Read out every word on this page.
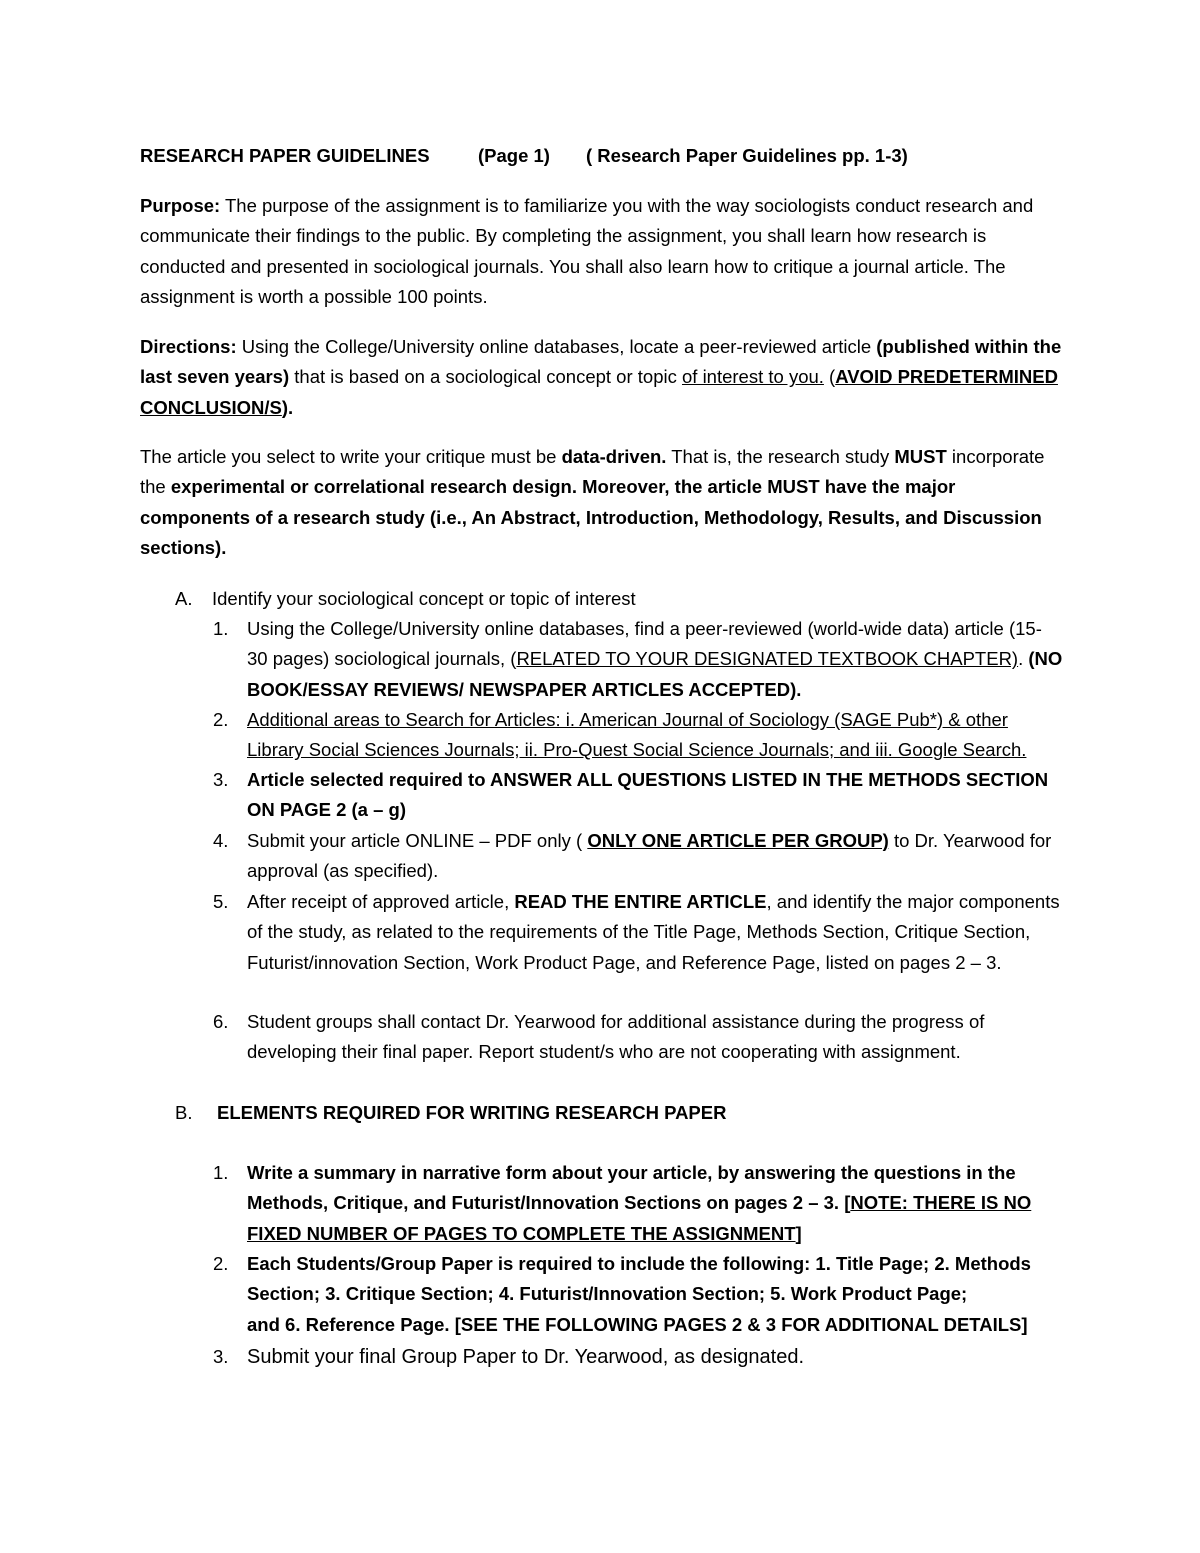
RESEARCH PAPER GUIDELINES	(Page 1) ( Research Paper Guidelines pp. 1-3)

Purpose: The purpose of the assignment is to familiarize you with the way sociologists conduct research and communicate their findings to the public. By completing the assignment, you shall learn how research is conducted and presented in sociological journals. You shall also learn how to critique a journal article. The assignment is worth a possible 100 points.

Directions: Using the College/University online databases, locate a peer-reviewed article (published within the last seven years) that is based on a sociological concept or topic of interest to you. (AVOID PREDETERMINED CONCLUSION/S).

The article you select to write your critique must be data-driven. That is, the research study MUST incorporate the experimental or correlational research design. Moreover, the article MUST have the major components of a research study (i.e., An Abstract, Introduction, Methodology, Results, and Discussion sections).

A. Identify your sociological concept or topic of interest
1. Using the College/University online databases, find a peer-reviewed (world-wide data) article (15- 30 pages) sociological journals, (RELATED TO YOUR DESIGNATED TEXTBOOK CHAPTER). (NO BOOK/ESSAY REVIEWS/ NEWSPAPER ARTICLES ACCEPTED).
2. Additional areas to Search for Articles: i. American Journal of Sociology (SAGE Pub*) & other Library Social Sciences Journals; ii. Pro-Quest Social Science Journals; and iii. Google Search.
3. Article selected required to ANSWER ALL QUESTIONS LISTED IN THE METHODS SECTION ON PAGE 2 (a – g)
4. Submit your article ONLINE – PDF only ( ONLY ONE ARTICLE PER GROUP) to Dr. Yearwood for approval (as specified).
5. After receipt of approved article, READ THE ENTIRE ARTICLE, and identify the major components of the study, as related to the requirements of the Title Page, Methods Section, Critique Section, Futurist/innovation Section, Work Product Page, and Reference Page, listed on pages 2 – 3.
6. Student groups shall contact Dr. Yearwood for additional assistance during the progress of developing their final paper. Report student/s who are not cooperating with assignment.
B. ELEMENTS REQUIRED FOR WRITING RESEARCH PAPER
1. Write a summary in narrative form about your article, by answering the questions in the Methods, Critique, and Futurist/Innovation Sections on pages 2 – 3. [NOTE: THERE IS NO FIXED NUMBER OF PAGES TO COMPLETE THE ASSIGNMENT]
2. Each Students/Group Paper is required to include the following: 1. Title Page; 2. Methods Section; 3. Critique Section; 4. Futurist/Innovation Section; 5. Work Product Page;
and 6. Reference Page. [SEE THE FOLLOWING PAGES 2 & 3 FOR ADDITIONAL DETAILS]
3. Submit your final Group Paper to Dr. Yearwood, as designated.
